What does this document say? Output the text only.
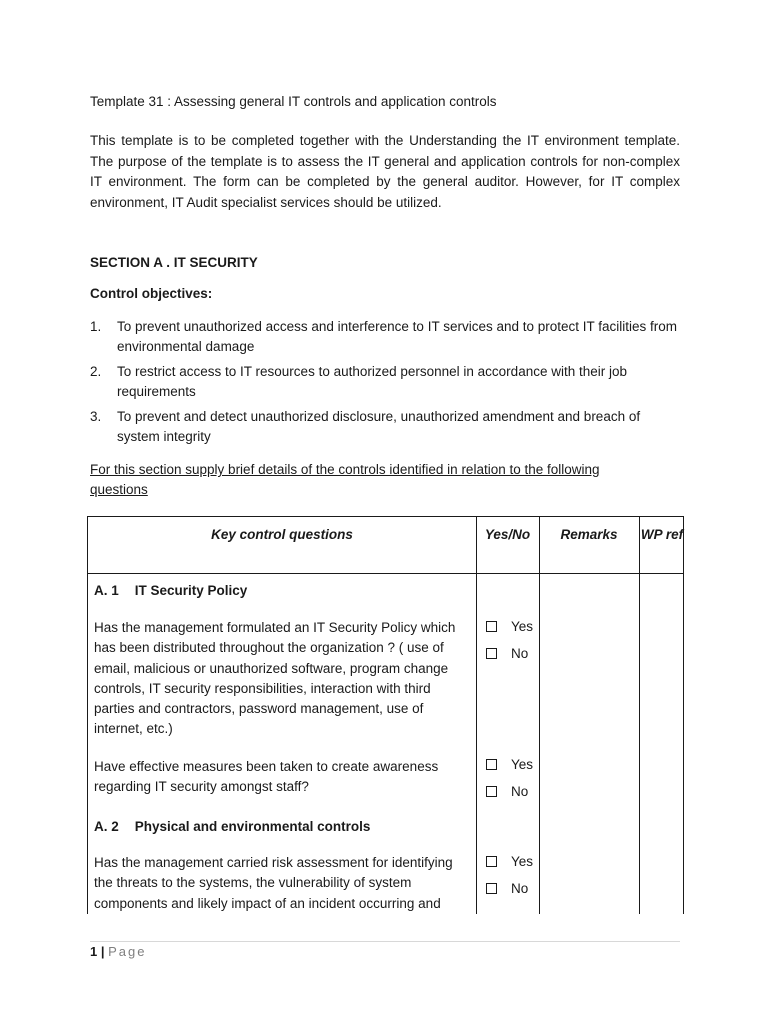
Template 31 : Assessing general IT controls and application controls
This template is to be completed together with the Understanding the IT environment template. The purpose of the template is to assess the IT general and application controls for non-complex IT environment. The form can be completed by the general auditor. However, for IT complex environment, IT Audit specialist services should be utilized.
SECTION A . IT SECURITY
Control objectives:
1.	To prevent unauthorized access and interference to IT services and to protect IT facilities from environmental damage
2.	To restrict access to IT resources to authorized personnel in accordance with their job requirements
3.	To prevent and detect unauthorized disclosure, unauthorized amendment and breach of system integrity
For this section supply brief details of the controls identified in relation to the following questions
Key control questions	Yes/No	Remarks	WP ref
A. 1 IT Security Policy
Has the management formulated an IT Security Policy which has been distributed throughout the organization ? ( use of email, malicious or unauthorized software, program change controls, IT security responsibilities, interaction with third parties and contractors, password management, use of internet, etc.)
Yes
No
Have effective measures been taken to create awareness regarding IT security amongst staff?
Yes
No
A. 2 Physical and environmental controls
Has the management carried risk assessment for identifying the threats to the systems, the vulnerability of system components and likely impact of an incident occurring and
Yes
No
1 | Page
